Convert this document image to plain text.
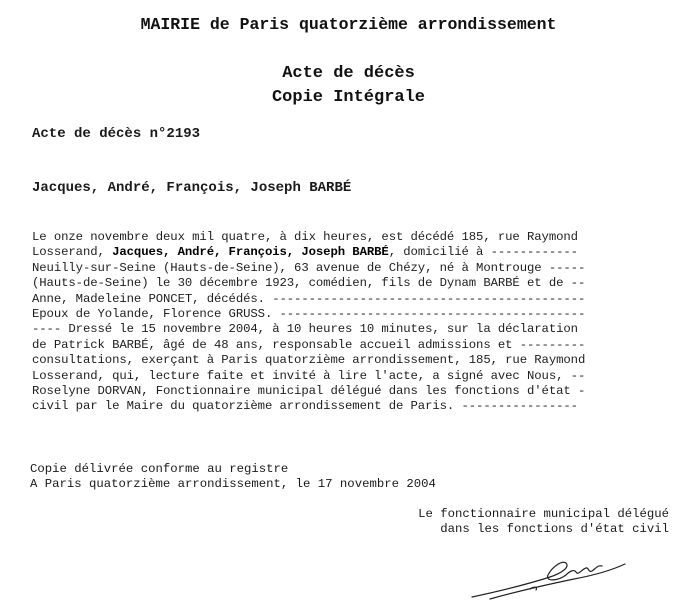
MAIRIE de Paris quatorzième arrondissement
Acte de décès
Copie Intégrale
Acte de décès n°2193
Jacques, André, François, Joseph BARBÉ
Le onze novembre deux mil quatre, à dix heures, est décédé 185, rue Raymond
Losserand, Jacques, André, François, Joseph BARBÉ, domicilié à ------------
Neuilly-sur-Seine (Hauts-de-Seine), 63 avenue de Chézy, né à Montrouge -----
(Hauts-de-Seine) le 30 décembre 1923, comédien, fils de Dynam BARBÉ et de --
Anne, Madeleine PONCET, décédés. -------------------------------------------
Epoux de Yolande, Florence GRUSS. ------------------------------------------
---- Dressé le 15 novembre 2004, à 10 heures 10 minutes, sur la déclaration
de Patrick BARBÉ, âgé de 48 ans, responsable accueil admissions et ---------
consultations, exerçant à Paris quatorzième arrondissement, 185, rue Raymond
Losserand, qui, lecture faite et invité à lire l'acte, a signé avec Nous, --
Roselyne DORVAN, Fonctionnaire municipal délégué dans les fonctions d'état -
civil par le Maire du quatorzième arrondissement de Paris. ----------------
Copie délivrée conforme au registre
A Paris quatorzième arrondissement, le 17 novembre 2004
Le fonctionnaire municipal délégué
dans les fonctions d'état civil
